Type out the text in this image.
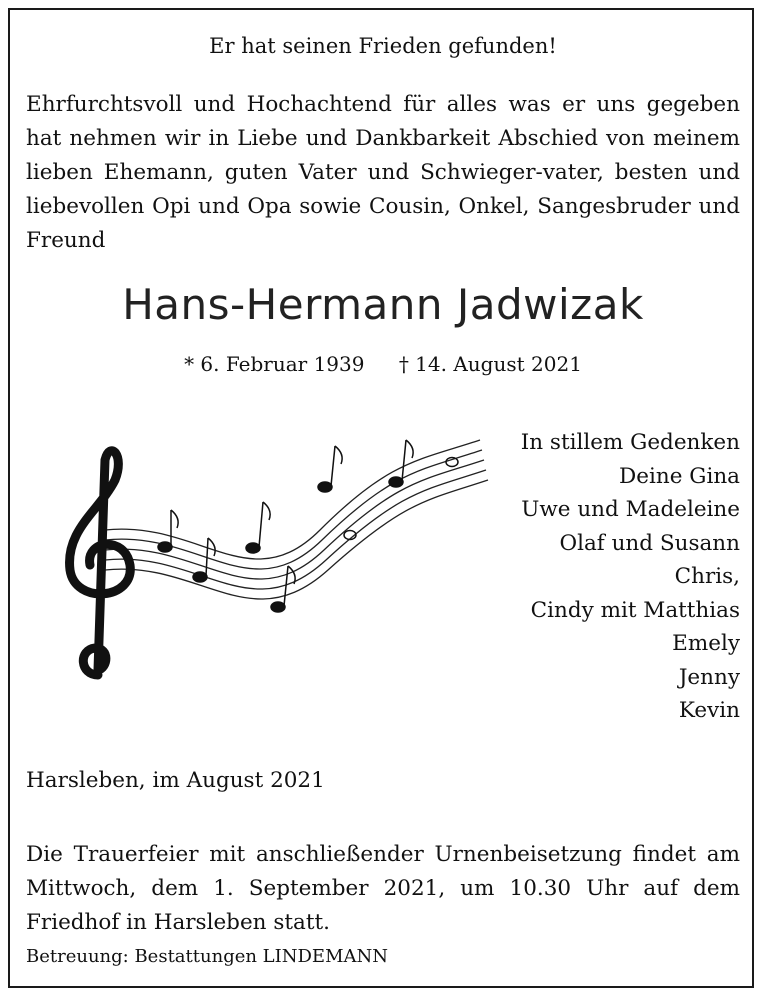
Er hat seinen Frieden gefunden!
Ehrfurchtsvoll und Hochachtend für alles was er uns gegeben hat nehmen wir in Liebe und Dankbarkeit Abschied von meinem lieben Ehemann, guten Vater und Schwieger-vater, besten und liebevollen Opi und Opa sowie Cousin, Onkel, Sangesbruder und Freund
Hans-Hermann Jadwizak
* 6. Februar 1939 † 14. August 2021
In stillem Gedenken
Deine Gina
Uwe und Madeleine
Olaf und Susann
Chris,
Cindy mit Matthias
Emely
Jenny
Kevin
Harsleben, im August 2021
Die Trauerfeier mit anschließender Urnenbeisetzung findet am Mittwoch, dem 1. September 2021, um 10.30 Uhr auf dem Friedhof in Harsleben statt.
Betreuung: Bestattungen LINDEMANN
